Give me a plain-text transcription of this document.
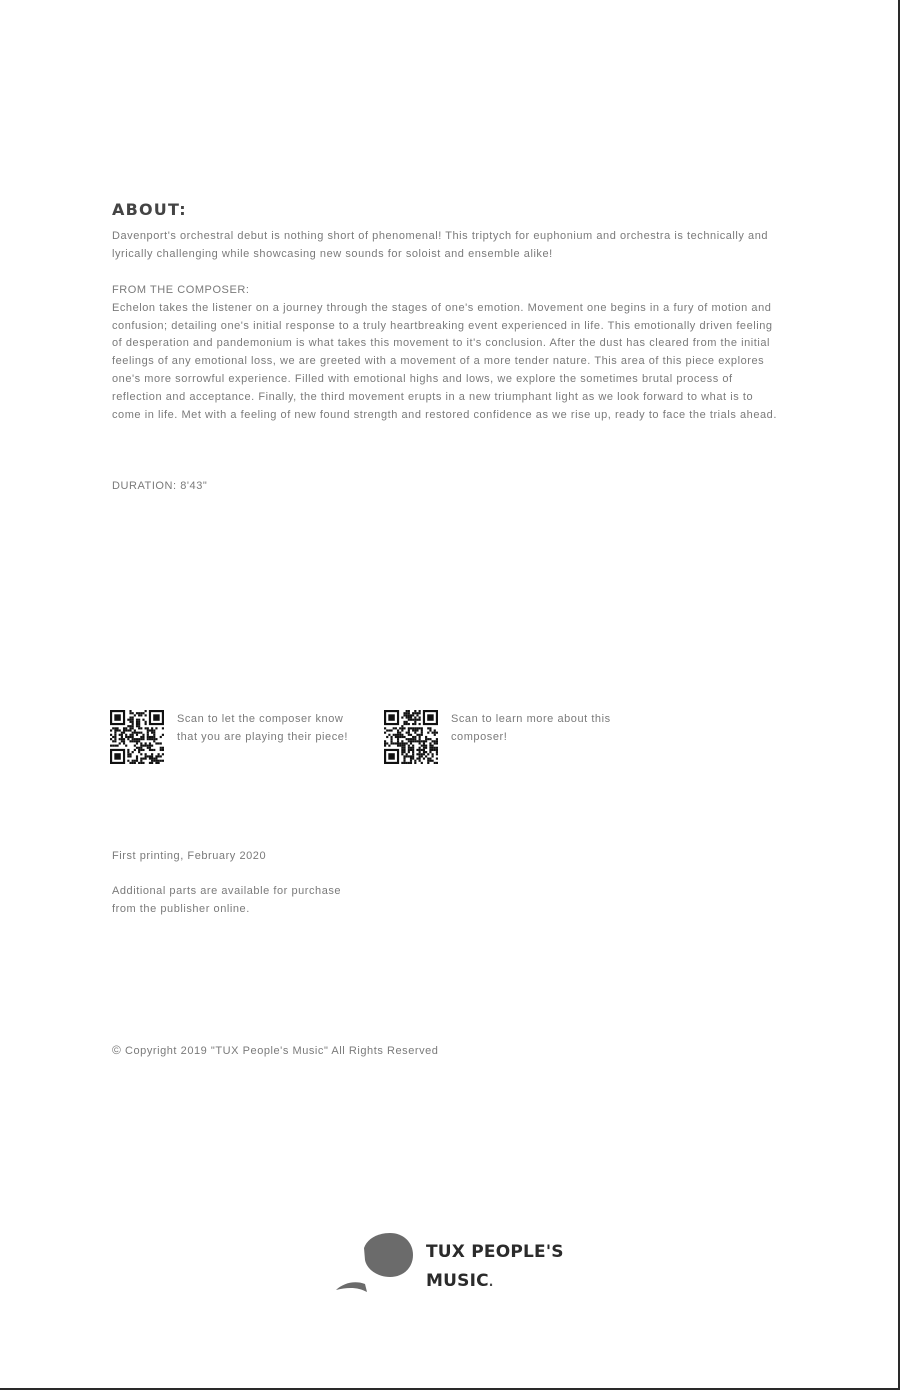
ABOUT:

Davenport's orchestral debut is nothing short of phenomenal! This triptych for euphonium and orchestra is technically and lyrically challenging while showcasing new sounds for soloist and ensemble alike!

FROM THE COMPOSER:

Echelon takes the listener on a journey through the stages of one's emotion. Movement one begins in a fury of motion and confusion; detailing one's initial response to a truly heartbreaking event experienced in life. This emotionally driven feeling of desperation and pandemonium is what takes this movement to it's conclusion. After the dust has cleared from the initial feelings of any emotional loss, we are greeted with a movement of a more tender nature. This area of this piece explores one's more sorrowful experience. Filled with emotional highs and lows, we explore the sometimes brutal process of reflection and acceptance. Finally, the third movement erupts in a new triumphant light as we look forward to what is to come in life. Met with a feeling of new found strength and restored confidence as we rise up, ready to face the trials ahead.

DURATION: 8'43"
Scan to let the composer know that you are playing their piece!
Scan to learn more about this composer!
First printing, February 2020
Additional parts are available for purchase from the publisher online.
© Copyright 2019 "TUX People's Music" All Rights Reserved
TUX PEOPLE'S
MUSIC.
